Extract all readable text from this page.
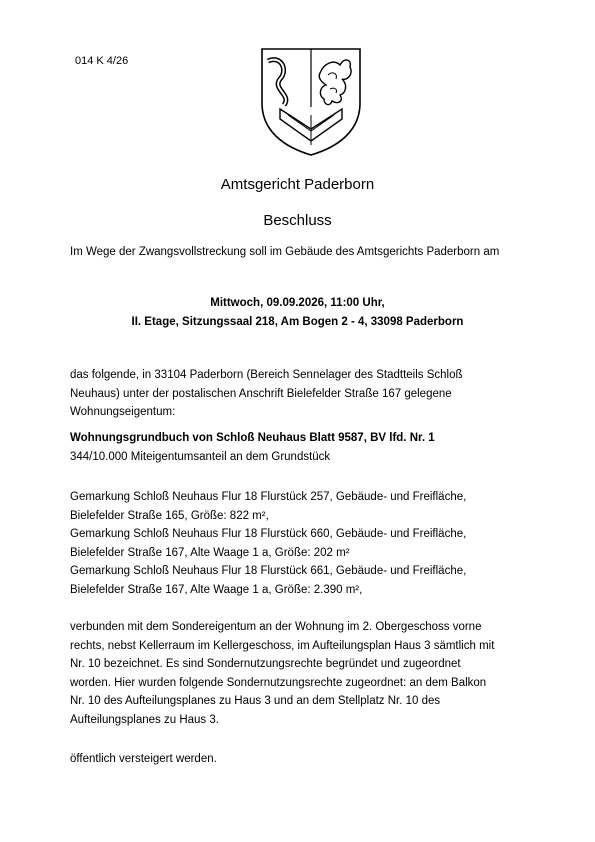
014 K 4/26
Amtsgericht Paderborn
Beschluss
Im Wege der Zwangsvollstreckung soll im Gebäude des Amtsgerichts Paderborn am
Mittwoch, 09.09.2026, 11:00 Uhr,
II. Etage, Sitzungssaal 218, Am Bogen 2 - 4, 33098 Paderborn
das folgende, in 33104 Paderborn (Bereich Sennelager des Stadtteils Schloß
Neuhaus) unter der postalischen Anschrift Bielefelder Straße 167 gelegene
Wohnungseigentum:
Wohnungsgrundbuch von Schloß Neuhaus Blatt 9587, BV lfd. Nr. 1
344/10.000 Miteigentumsanteil an dem Grundstück
Gemarkung Schloß Neuhaus Flur 18 Flurstück 257, Gebäude- und Freifläche,
Bielefelder Straße 165, Größe: 822 m²,
Gemarkung Schloß Neuhaus Flur 18 Flurstück 660, Gebäude- und Freifläche,
Bielefelder Straße 167, Alte Waage 1 a, Größe: 202 m²
Gemarkung Schloß Neuhaus Flur 18 Flurstück 661, Gebäude- und Freifläche,
Bielefelder Straße 167, Alte Waage 1 a, Größe: 2.390 m²,
verbunden mit dem Sondereigentum an der Wohnung im 2. Obergeschoss vorne
rechts, nebst Kellerraum im Kellergeschoss, im Aufteilungsplan Haus 3 sämtlich mit
Nr. 10 bezeichnet. Es sind Sondernutzungsrechte begründet und zugeordnet
worden. Hier wurden folgende Sondernutzungsrechte zugeordnet: an dem Balkon
Nr. 10 des Aufteilungsplanes zu Haus 3 und an dem Stellplatz Nr. 10 des
Aufteilungsplanes zu Haus 3.
öffentlich versteigert werden.
